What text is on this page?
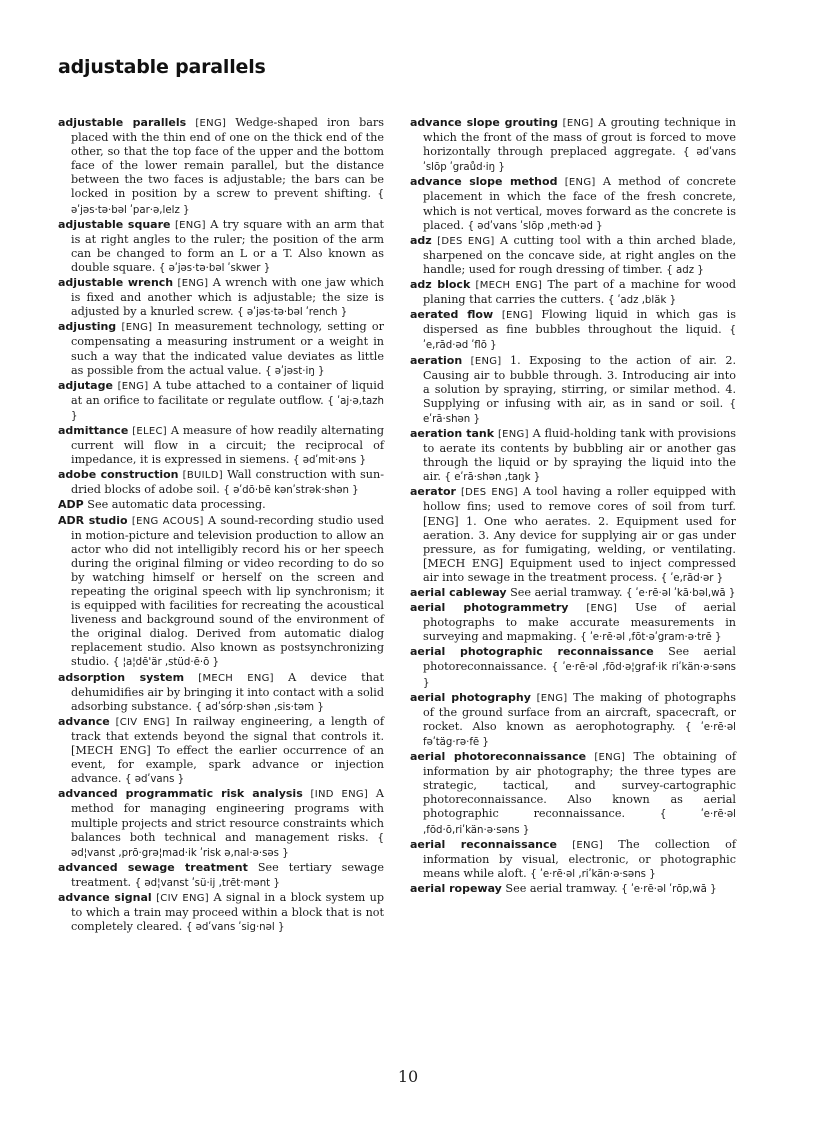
adjustable parallels

adjustable parallels [ENG] Wedge-shaped iron bars placed with the thin end of one on the thick end of the other, so that the top face of the upper and the bottom face of the lower remain parallel, but the distance between the two faces is adjustable; the bars can be locked in position by a screw to prevent shifting. { əʹjəs·tə·bəl ʹpar·ə,lelz }

adjustable square [ENG] A try square with an arm that is at right angles to the ruler; the position of the arm can be changed to form an L or a T. Also known as double square. { əʹjəs·tə·bəl ʹskwer }

adjustable wrench [ENG] A wrench with one jaw which is fixed and another which is adjustable; the size is adjusted by a knurled screw. { əʹjəs·tə·bəl ʹrench }

adjusting [ENG] In measurement technology, setting or compensating a measuring instrument or a weight in such a way that the indicated value deviates as little as possible from the actual value. { əʹjəst·iŋ }

adjutage [ENG] A tube attached to a container of liquid at an orifice to facilitate or regulate outflow. { ʹaj·ə,tazh }

admittance [ELEC] A measure of how readily alternating current will flow in a circuit; the reciprocal of impedance, it is expressed in siemens. { ədʹmit·əns }

adobe construction [BUILD] Wall construction with sun-dried blocks of adobe soil. { əʹdō·bē kənʹstrək·shən }

ADP See automatic data processing.

ADR studio [ENG ACOUS] A sound-recording studio used in motion-picture and television production to allow an actor who did not intelligibly record his or her speech during the original filming or video recording to do so by watching himself or herself on the screen and repeating the original speech with lip synchronism; it is equipped with facilities for recreating the acoustical liveness and background sound of the environment of the original dialog. Derived from automatic dialog replacement studio. Also known as postsynchronizing studio. { ¦a¦dē'är ,stüd·ē·ō }

adsorption system [MECH ENG] A device that dehumidifies air by bringing it into contact with a solid adsorbing substance. { adʹsórp·shən ,sis·təm }

advance [CIV ENG] In railway engineering, a length of track that extends beyond the signal that controls it. [MECH ENG] To effect the earlier occurrence of an event, for example, spark advance or injection advance. { ədʹvans }

advanced programmatic risk analysis [IND ENG] A method for managing engineering programs with multiple projects and strict resource constraints which balances both technical and management risks. { əd¦vanst ,prō·grə¦mad·ik ʹrisk ə,nal·ə·səs }

advanced sewage treatment See tertiary sewage treatment. { əd¦vanst ʹsü·ij ,trēt·mənt }

advance signal [CIV ENG] A signal in a block system up to which a train may proceed within a block that is not completely cleared. { ədʹvans ʹsig·nəl }

advance slope grouting [ENG] A grouting technique in which the front of the mass of grout is forced to move horizontally through preplaced aggregate. { ədʹvans ʹslōp ʹgraůd·iŋ }

advance slope method [ENG] A method of concrete placement in which the face of the fresh concrete, which is not vertical, moves forward as the concrete is placed. { ədʹvans ʹslōp ,meth·əd }

adz [DES ENG] A cutting tool with a thin arched blade, sharpened on the concave side, at right angles on the handle; used for rough dressing of timber. { adz }

adz block [MECH ENG] The part of a machine for wood planing that carries the cutters. { ʹadz ,bläk }

aerated flow [ENG] Flowing liquid in which gas is dispersed as fine bubbles throughout the liquid. { ʹe,rād·əd ʹflō }

aeration [ENG] 1. Exposing to the action of air. 2. Causing air to bubble through. 3. Introducing air into a solution by spraying, stirring, or similar method. 4. Supplying or infusing with air, as in sand or soil. { eʹrā·shən }

aeration tank [ENG] A fluid-holding tank with provisions to aerate its contents by bubbling air or another gas through the liquid or by spraying the liquid into the air. { eʹrā·shən ,taŋk }

aerator [DES ENG] A tool having a roller equipped with hollow fins; used to remove cores of soil from turf. [ENG] 1. One who aerates. 2. Equipment used for aeration. 3. Any device for supplying air or gas under pressure, as for fumigating, welding, or ventilating. [MECH ENG] Equipment used to inject compressed air into sewage in the treatment process. { ʹe,rād·ər }

aerial cableway See aerial tramway. { ʹe·rē·əl ʹkā·bəl,wā }

aerial photogrammetry [ENG] Use of aerial photographs to make accurate measurements in surveying and mapmaking. { ʹe·rē·əl ,fōt·əʹgram·ə·trē }

aerial photographic reconnaissance See aerial photoreconnaissance. { ʹe·rē·əl ,fōd·ə¦graf·ik riʹkän·ə·səns }

aerial photography [ENG] The making of photographs of the ground surface from an aircraft, spacecraft, or rocket. Also known as aerophotography. { ʹe·rē·əl fəʹtäg·rə·fē }

aerial photoreconnaissance [ENG] The obtaining of information by air photography; the three types are strategic, tactical, and survey-cartographic photoreconnaissance. Also known as aerial photographic reconnaissance.	{ ʹe·rē·əl ,fōd·ō,riʹkän·ə·səns }

aerial reconnaissance [ENG] The collection of information by visual, electronic, or photographic means while aloft. { ʹe·rē·əl ,riʹkän·ə·səns }

aerial ropeway See aerial tramway. { ʹe·rē·əl ʹrōp,wā }

10
